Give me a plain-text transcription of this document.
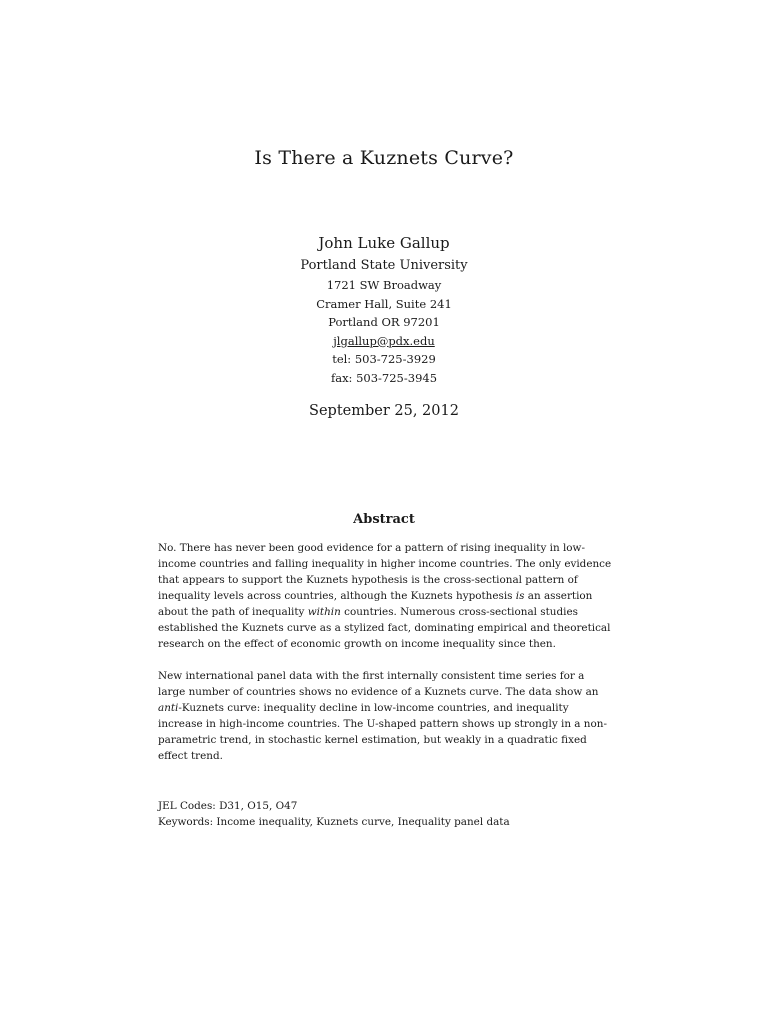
Is There a Kuznets Curve?
John Luke Gallup
Portland State University
1721 SW Broadway
Cramer Hall, Suite 241
Portland OR 97201
jlgallup@pdx.edu
tel: 503-725-3929
fax: 503-725-3945
September 25, 2012
Abstract

No. There has never been good evidence for a pattern of rising inequality in low-income countries and falling inequality in higher income countries. The only evidence that appears to support the Kuznets hypothesis is the cross-sectional pattern of inequality levels across countries, although the Kuznets hypothesis is an assertion about the path of inequality within countries. Numerous cross-sectional studies established the Kuznets curve as a stylized fact, dominating empirical and theoretical research on the effect of economic growth on income inequality since then.

New international panel data with the first internally consistent time series for a large number of countries shows no evidence of a Kuznets curve. The data show an anti-Kuznets curve: inequality decline in low-income countries, and inequality increase in high-income countries. The U-shaped pattern shows up strongly in a non-parametric trend, in stochastic kernel estimation, but weakly in a quadratic fixed effect trend.

JEL Codes: D31, O15, O47
Keywords: Income inequality, Kuznets curve, Inequality panel data
